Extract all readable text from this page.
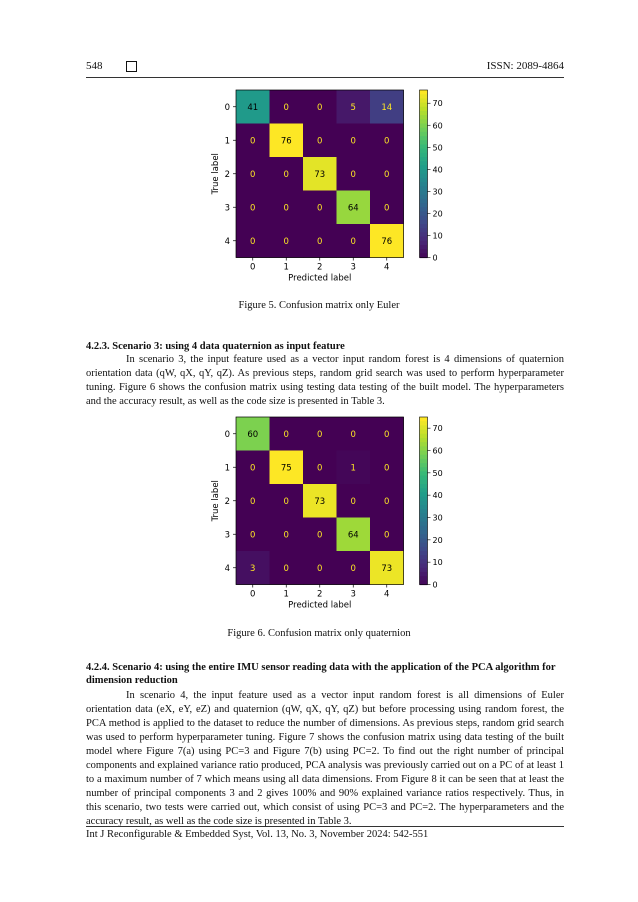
548	ISSN: 2089-4864
41	0	0	5	14
0	76	0	0	0
0	0	73	0	0
0	0	0	64	0
0	0	0	0	76
0	1	2	3	4
0
1
2
3
4
Predicted label
True label
0
10
20
30
40
50
60
70
Figure 5. Confusion matrix only Euler
4.2.3. Scenario 3: using 4 data quaternion as input feature

In scenario 3, the input feature used as a vector input random forest is 4 dimensions of quaternion orientation data (qW, qX, qY, qZ). As previous steps, random grid search was used to perform hyperparameter tuning. Figure 6 shows the confusion matrix using testing data testing of the built model. The hyperparameters and the accuracy result, as well as the code size is presented in Table 3.

60	0	0	0	0
0	75	0	1	0
0	0	73	0	0
0	0	0	64	0
3	0	0	0	73
0	1	2	3	4
0
1
2
3
4
Predicted label
True label
0
10
20
30
40
50
60
70
Figure 6. Confusion matrix only quaternion
4.2.4. Scenario 4: using the entire IMU sensor reading data with the application of the PCA algorithm for dimension reduction

In scenario 4, the input feature used as a vector input random forest is all dimensions of Euler orientation data (eX, eY, eZ) and quaternion (qW, qX, qY, qZ) but before processing using random forest, the PCA method is applied to the dataset to reduce the number of dimensions. As previous steps, random grid search was used to perform hyperparameter tuning. Figure 7 shows the confusion matrix using data testing of the built model where Figure 7(a) using PC=3 and Figure 7(b) using PC=2. To find out the right number of principal components and explained variance ratio produced, PCA analysis was previously carried out on a PC of at least 1 to a maximum number of 7 which means using all data dimensions. From Figure 8 it can be seen that at least the number of principal components 3 and 2 gives 100% and 90% explained variance ratios respectively. Thus, in this scenario, two tests were carried out, which consist of using PC=3 and PC=2. The hyperparameters and the accuracy result, as well as the code size is presented in Table 3.

Int J Reconfigurable & Embedded Syst, Vol. 13, No. 3, November 2024: 542-551
